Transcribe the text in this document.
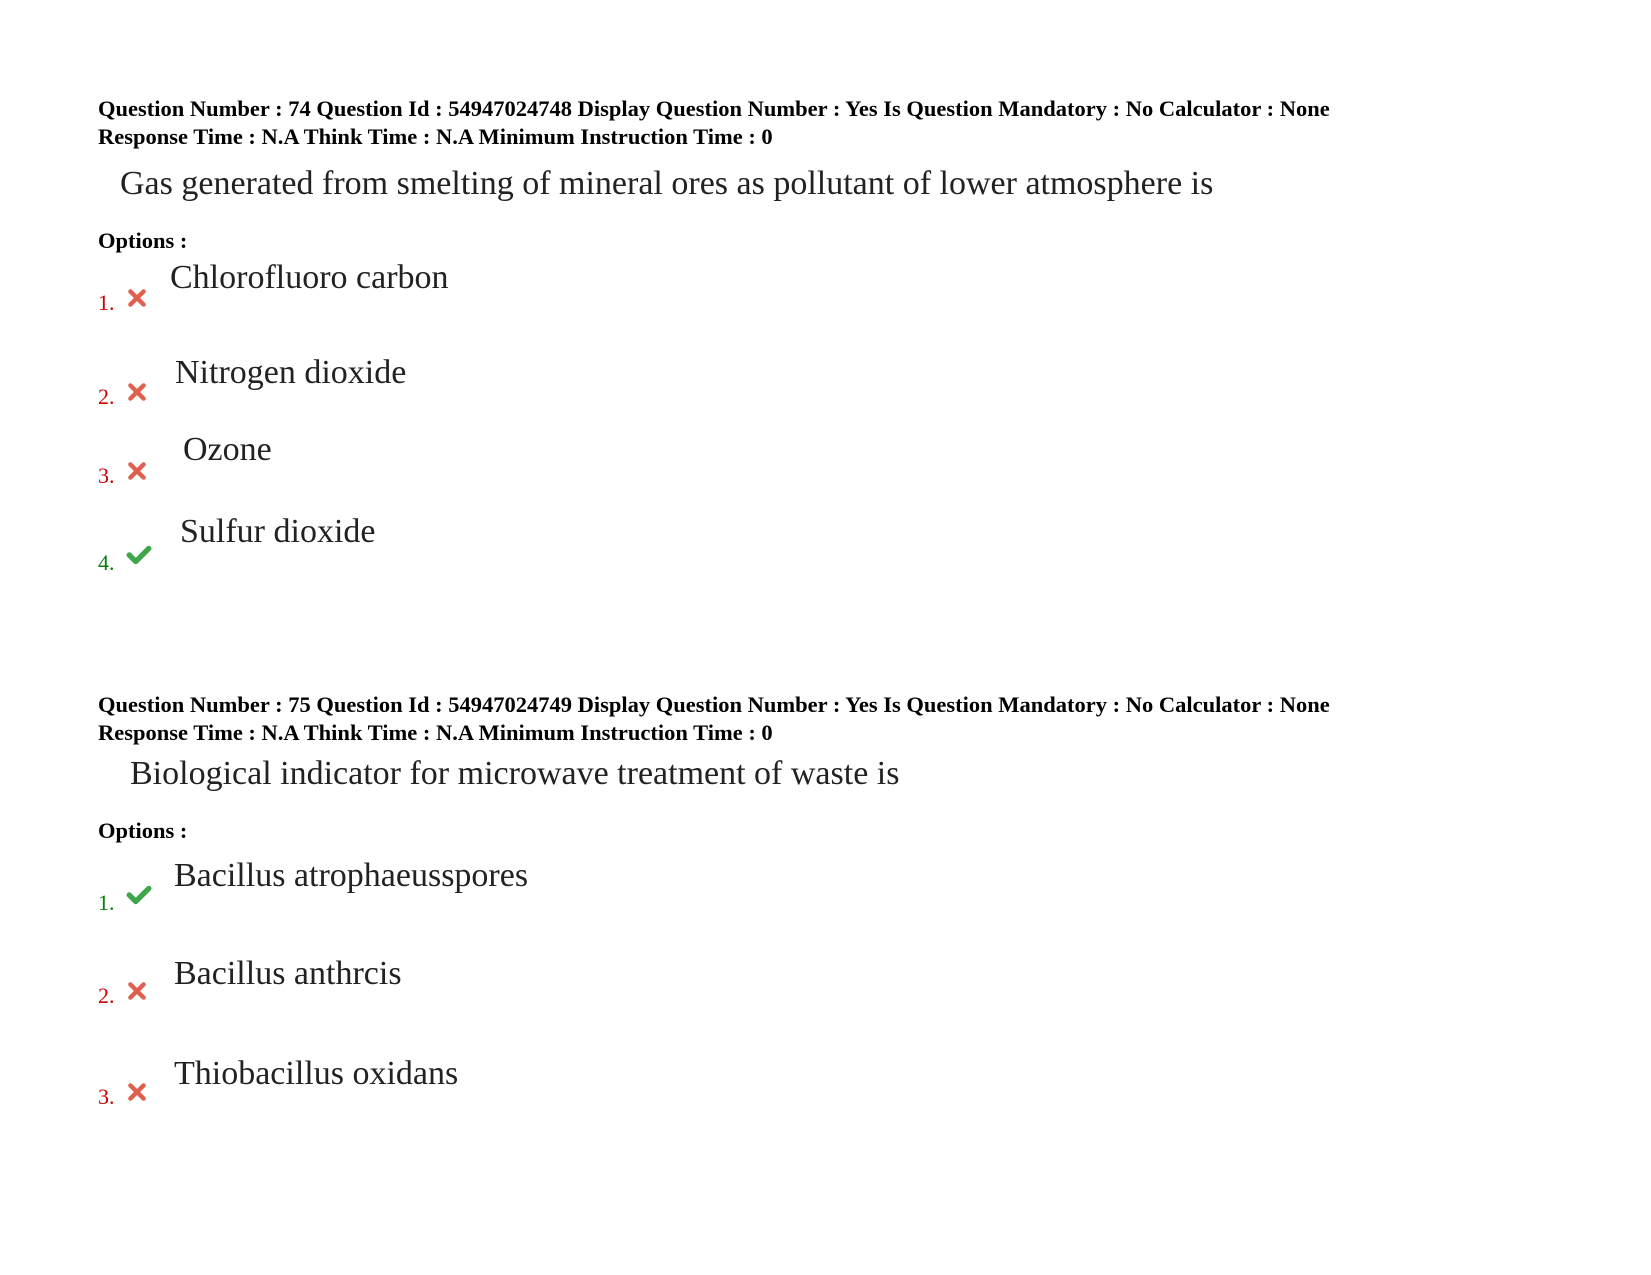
Question Number : 74 Question Id : 54947024748 Display Question Number : Yes Is Question Mandatory : No Calculator : None

Response Time : N.A Think Time : N.A Minimum Instruction Time : 0

Gas generated from smelting of mineral ores as pollutant of lower atmosphere is
Options :
1.
Chlorofluoro carbon
2.
Nitrogen dioxide
3.
Ozone
4.
Sulfur dioxide

Question Number : 75 Question Id : 54947024749 Display Question Number : Yes Is Question Mandatory : No Calculator : None

Response Time : N.A Think Time : N.A Minimum Instruction Time : 0

Biological indicator for microwave treatment of waste is
Options :
1.
Bacillus atrophaeusspores
2.
Bacillus anthrcis
3.
Thiobacillus oxidans
